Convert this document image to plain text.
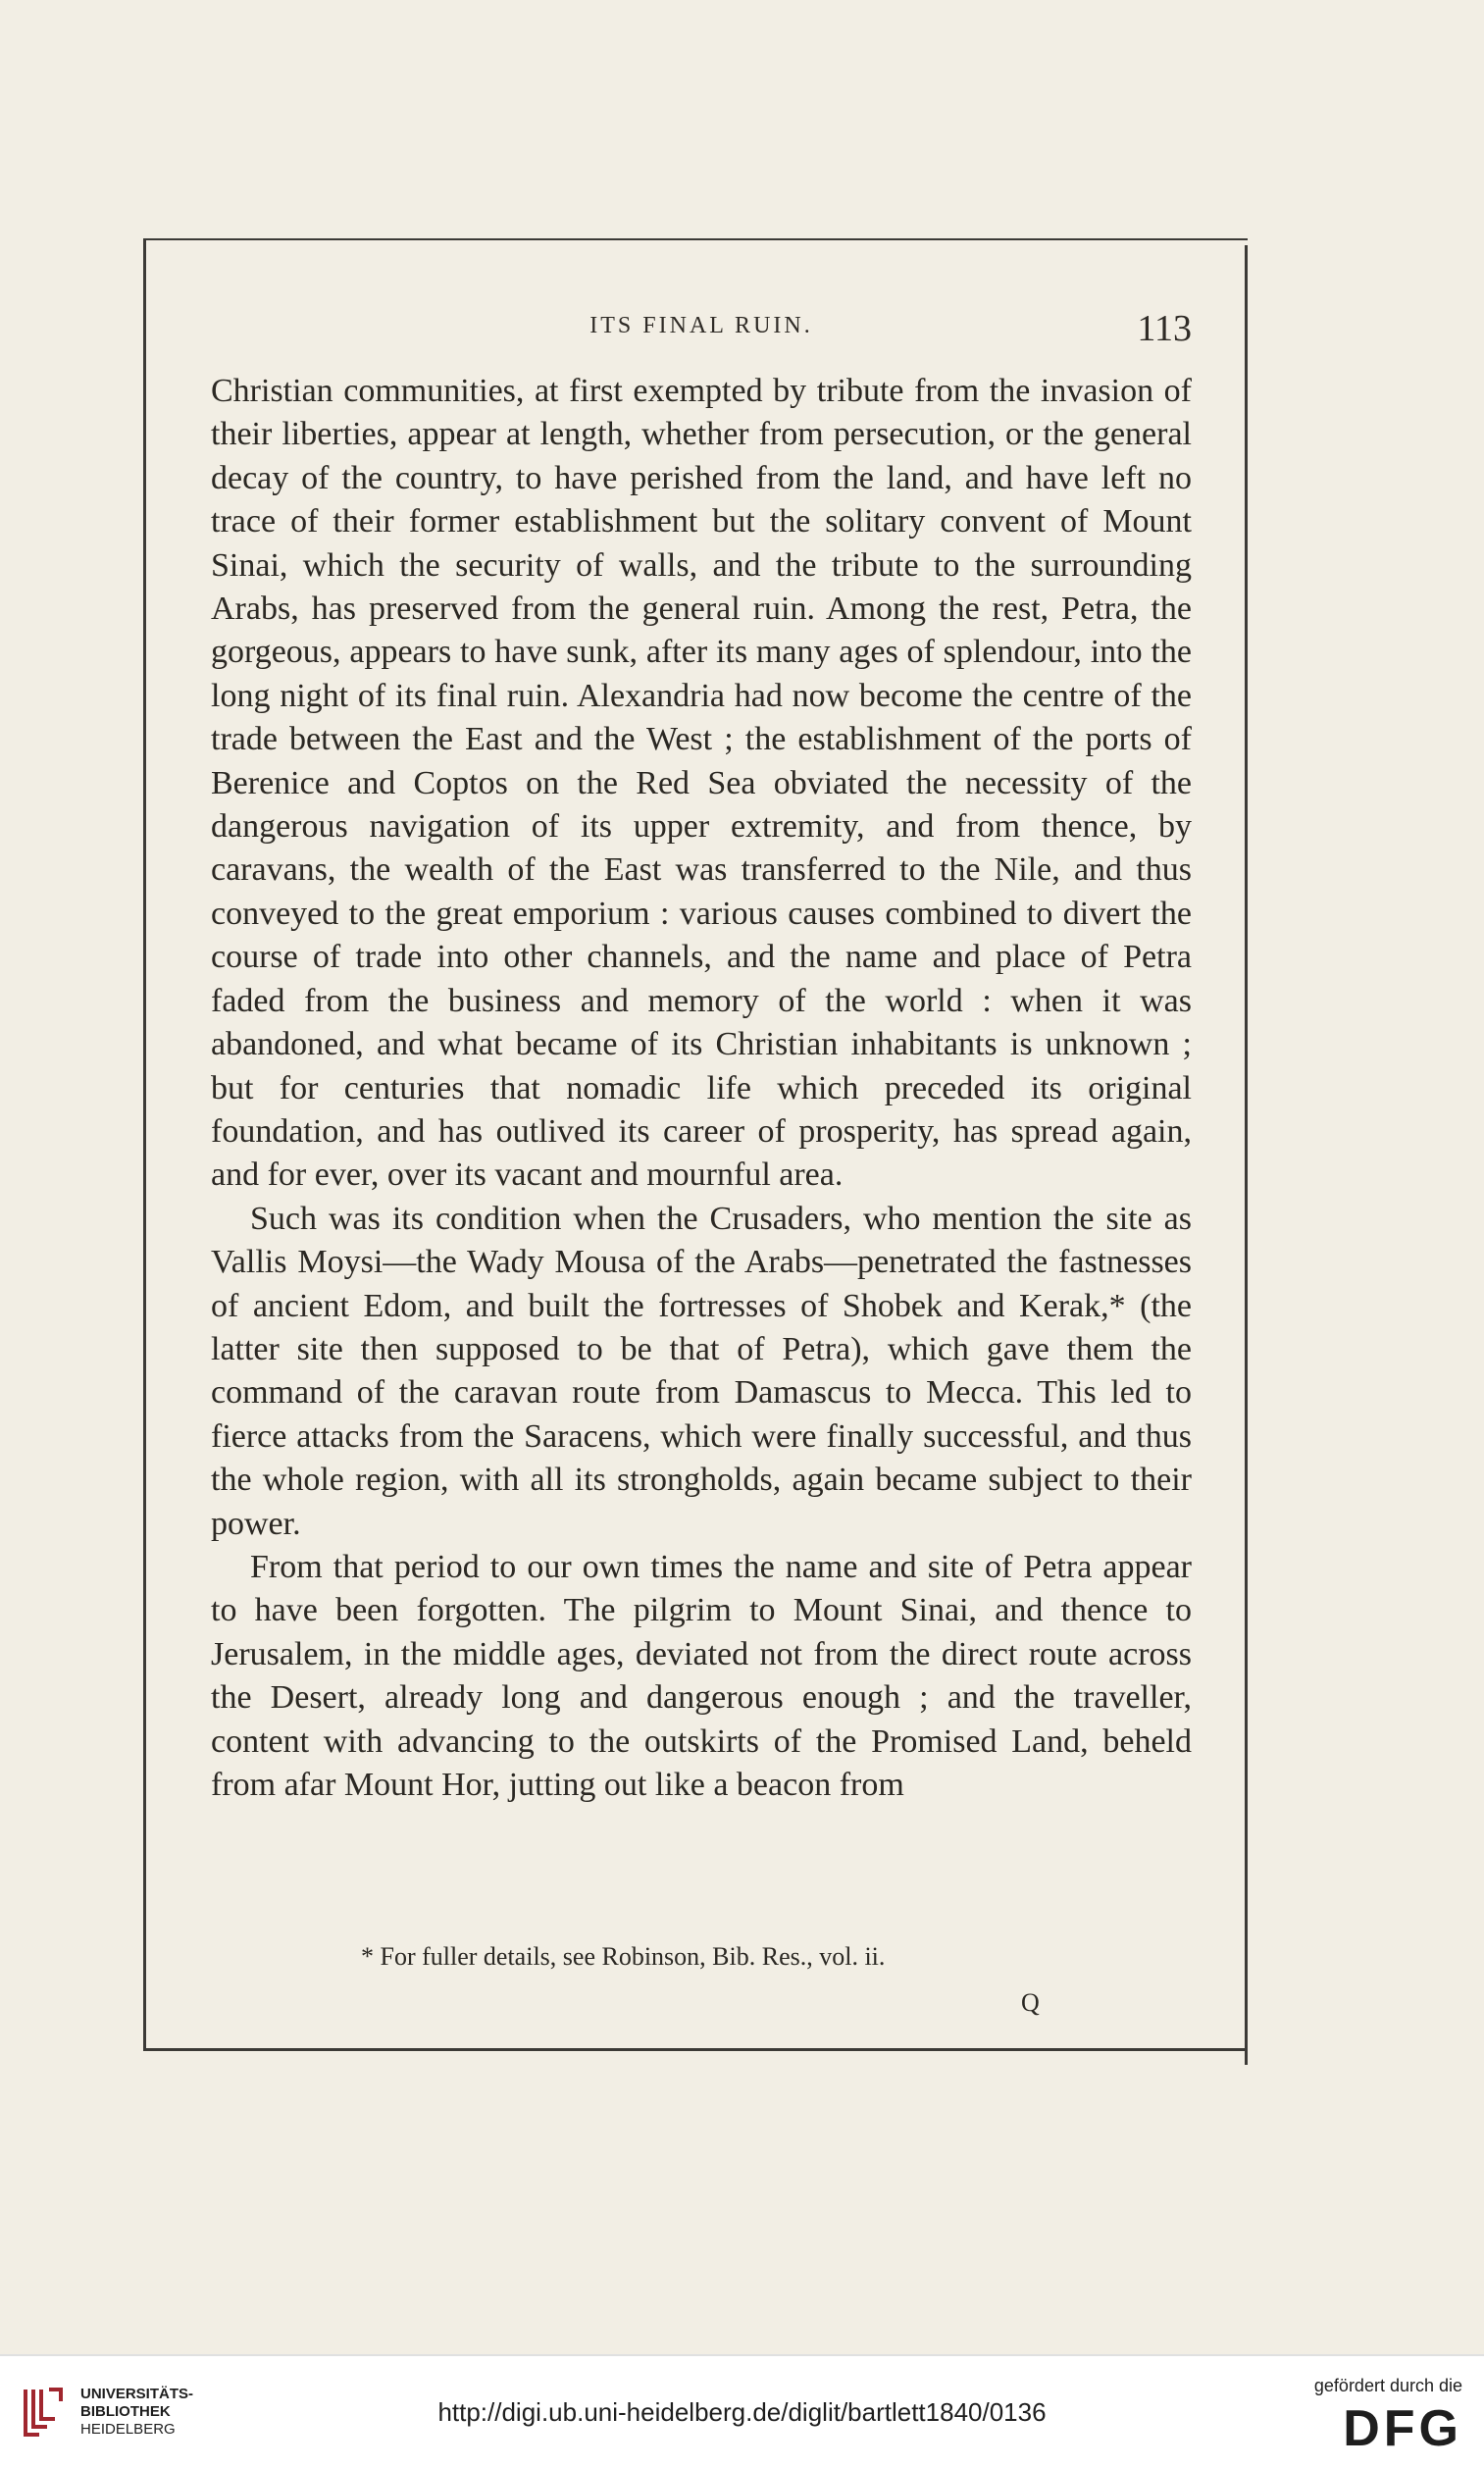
ITS FINAL RUIN.	113

Christian communities, at first exempted by tribute from the invasion of their liberties, appear at length, whether from persecution, or the general decay of the country, to have perished from the land, and have left no trace of their former establishment but the solitary convent of Mount Sinai, which the security of walls, and the tribute to the surrounding Arabs, has preserved from the general ruin. Among the rest, Petra, the gorgeous, appears to have sunk, after its many ages of splendour, into the long night of its final ruin. Alexandria had now become the centre of the trade between the East and the West ; the establishment of the ports of Berenice and Coptos on the Red Sea obviated the necessity of the dangerous navigation of its upper extremity, and from thence, by caravans, the wealth of the East was transferred to the Nile, and thus conveyed to the great emporium : various causes combined to divert the course of trade into other channels, and the name and place of Petra faded from the business and memory of the world : when it was abandoned, and what became of its Christian inhabitants is unknown ; but for centuries that nomadic life which preceded its original foundation, and has outlived its career of prosperity, has spread again, and for ever, over its vacant and mournful area.

Such was its condition when the Crusaders, who mention the site as Vallis Moysi—the Wady Mousa of the Arabs—penetrated the fastnesses of ancient Edom, and built the fortresses of Shobek and Kerak,* (the latter site then supposed to be that of Petra), which gave them the command of the caravan route from Damascus to Mecca. This led to fierce attacks from the Saracens, which were finally successful, and thus the whole region, with all its strongholds, again became subject to their power.

From that period to our own times the name and site of Petra appear to have been forgotten. The pilgrim to Mount Sinai, and thence to Jerusalem, in the middle ages, deviated not from the direct route across the Desert, already long and dangerous enough ; and the traveller, content with advancing to the outskirts of the Promised Land, beheld from afar Mount Hor, jutting out like a beacon from

* For fuller details, see Robinson, Bib. Res., vol. ii.
Q
UNIVERSITÄTS-
BIBLIOTHEK
HEIDELBERG
http://digi.ub.uni-heidelberg.de/diglit/bartlett1840/0136
gefördert durch die
DFG
